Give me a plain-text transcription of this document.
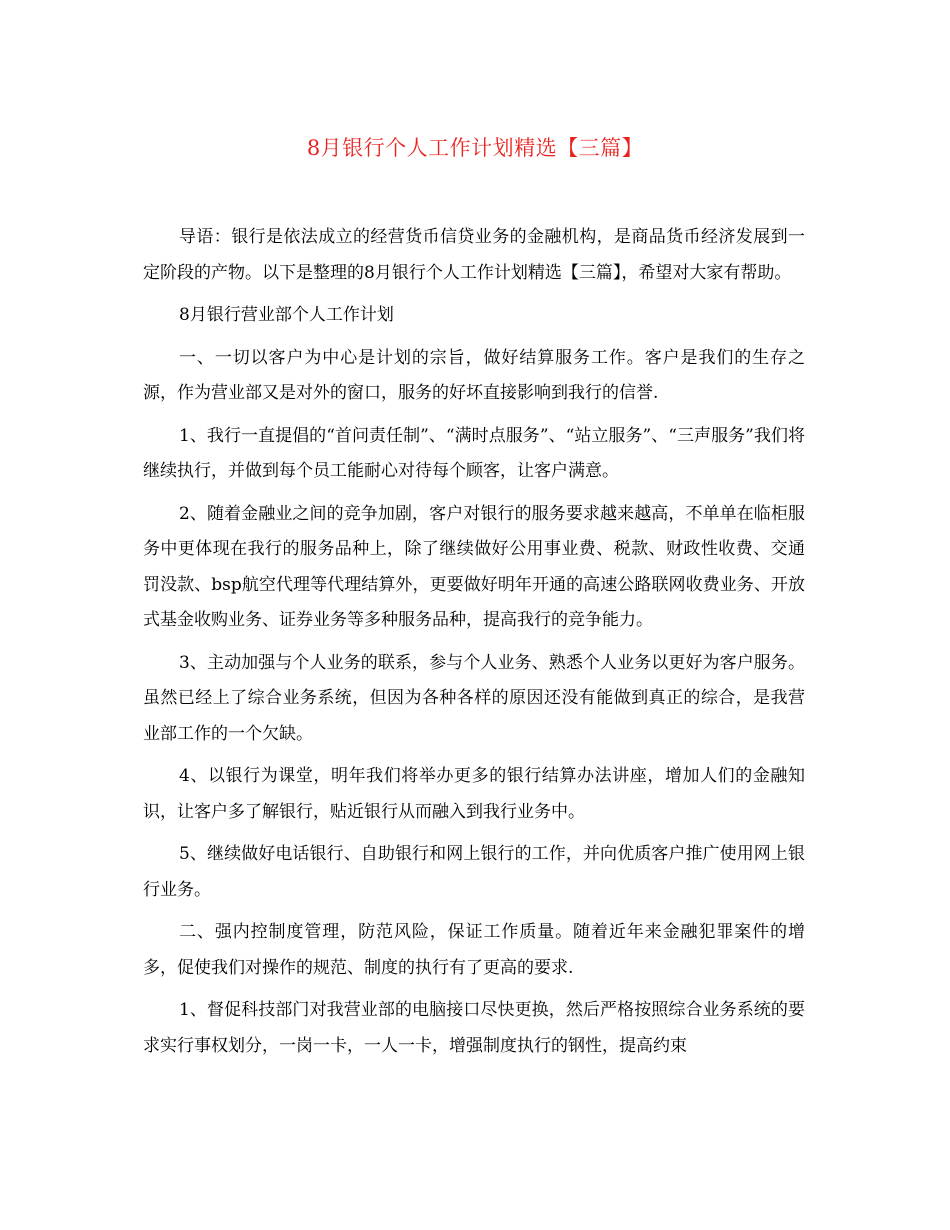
8月银行个人工作计划精选【三篇】

导语：银行是依法成立的经营货币信贷业务的金融机构，是商品货币经济发展到一定阶段的产物。以下是整理的8月银行个人工作计划精选【三篇】，希望对大家有帮助。

8月银行营业部个人工作计划

一、一切以客户为中心是计划的宗旨，做好结算服务工作。客户是我们的生存之源，作为营业部又是对外的窗口，服务的好坏直接影响到我行的信誉.

1、我行一直提倡的“首问责任制”、“满时点服务”、“站立服务”、“三声服务”我们将继续执行，并做到每个员工能耐心对待每个顾客，让客户满意。

2、随着金融业之间的竞争加剧，客户对银行的服务要求越来越高，不单单在临柜服务中更体现在我行的服务品种上，除了继续做好公用事业费、税款、财政性收费、交通罚没款、bsp航空代理等代理结算外，更要做好明年开通的高速公路联网收费业务、开放式基金收购业务、证券业务等多种服务品种，提高我行的竞争能力。

3、主动加强与个人业务的联系，参与个人业务、熟悉个人业务以更好为客户服务。虽然已经上了综合业务系统，但因为各种各样的原因还没有能做到真正的综合，是我营业部工作的一个欠缺。

4、以银行为课堂，明年我们将举办更多的银行结算办法讲座，增加人们的金融知识，让客户多了解银行，贴近银行从而融入到我行业务中。

5、继续做好电话银行、自助银行和网上银行的工作，并向优质客户推广使用网上银行业务。

二、强内控制度管理，防范风险，保证工作质量。随着近年来金融犯罪案件的增多，促使我们对操作的规范、制度的执行有了更高的要求.

1、督促科技部门对我营业部的电脑接口尽快更换，然后严格按照综合业务系统的要求实行事权划分，一岗一卡，一人一卡，增强制度执行的钢性，提高约束
